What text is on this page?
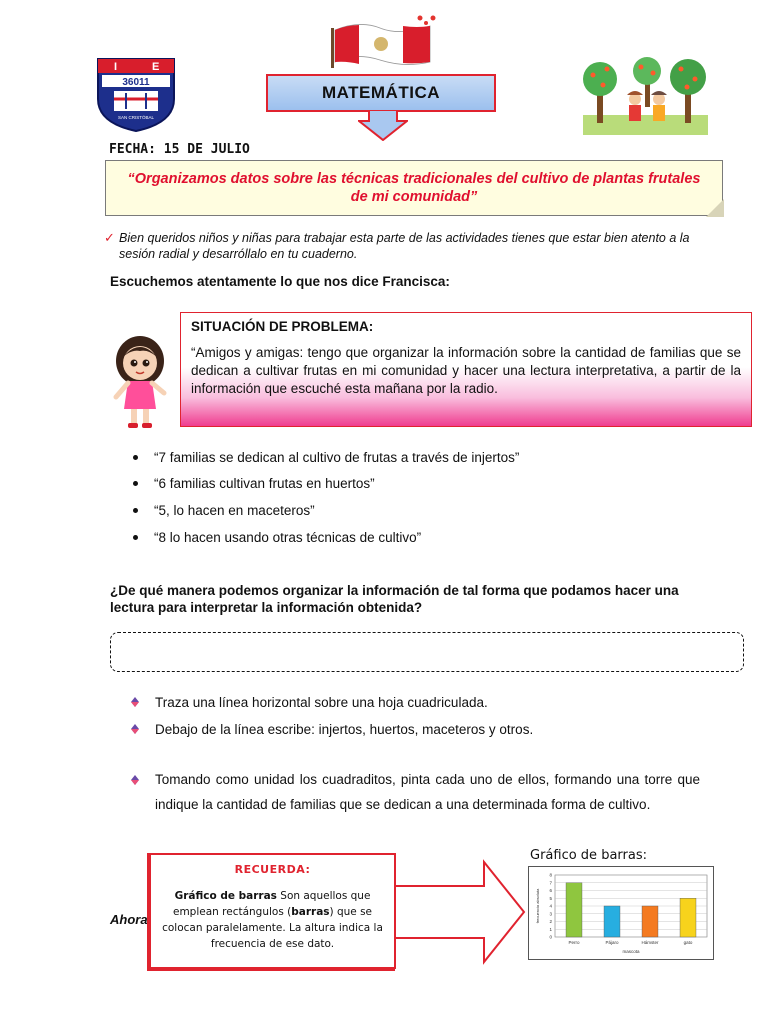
I	E
36011
SAN CRISTÓBAL
MATEMÁTICA
FECHA: 15 DE JULIO
“Organizamos datos sobre las técnicas tradicionales del cultivo de plantas frutales de mi comunidad”
✓ Bien queridos niños y niñas para trabajar esta parte de las actividades tienes que estar bien atento a la sesión radial y desarróllalo en tu cuaderno.
Escuchemos atentamente lo que nos dice Francisca:
SITUACIÓN DE PROBLEMA:
“Amigos y amigas: tengo que organizar la información sobre la cantidad de familias que se dedican a cultivar frutas en mi comunidad y hacer una lectura interpretativa, a partir de la información que escuché esta mañana por la radio.
“7 familias se dedican al cultivo de frutas a través de injertos”
“6 familias cultivan frutas en huertos”
“5, lo hacen en maceteros”
“8 lo hacen usando otras técnicas de cultivo”
¿De qué manera podemos organizar la información de tal forma que podamos hacer una lectura para interpretar la información obtenida?
Traza una línea horizontal sobre una hoja cuadriculada.
Debajo de la línea escribe: injertos, huertos, maceteros y otros.
Tomando como unidad los cuadraditos, pinta cada uno de ellos, formando una torre que indique la cantidad de familias que se dedican a una determinada forma de cultivo.
Ahora
RECUERDA:
Gráfico de barras Son aquellos que emplean rectángulos (barras) que se colocan paralelamente. La altura indica la frecuencia de ese dato.
Gráfico de barras:
0
1
2
3
4
5
6
7
8
Perro	Pájaro	Hámster	gato
frecuencia absoluta
mascota
